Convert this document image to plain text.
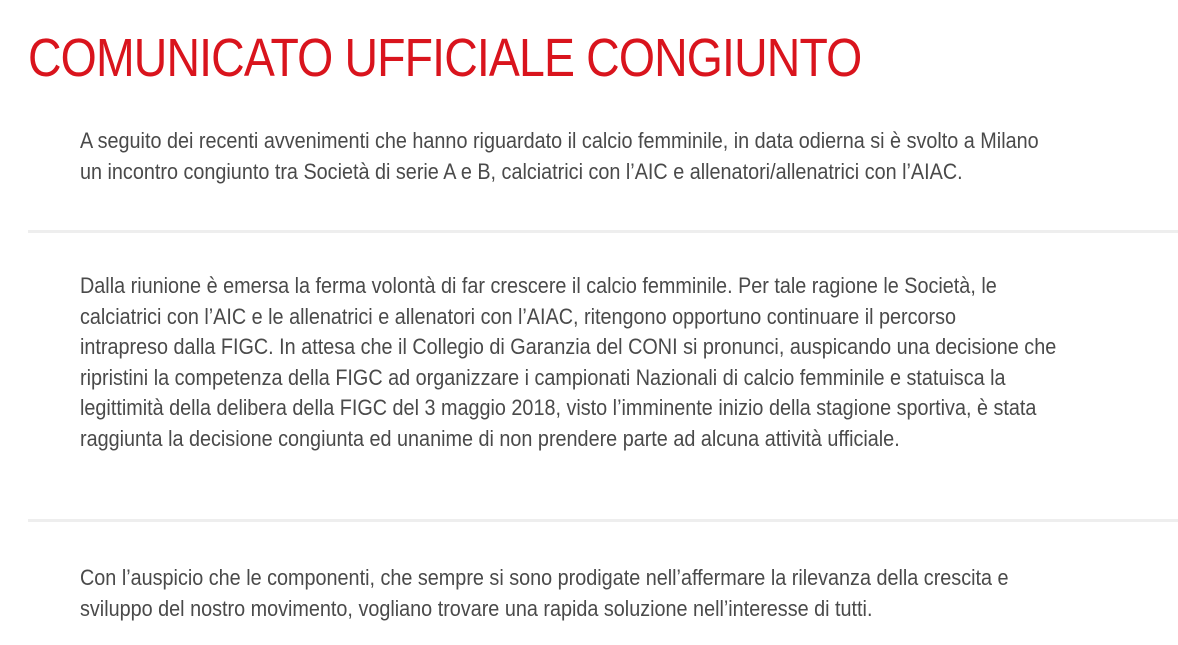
COMUNICATO UFFICIALE CONGIUNTO

A seguito dei recenti avvenimenti che hanno riguardato il calcio femminile, in data odierna si è svolto a Milano
un incontro congiunto tra Società di serie A e B, calciatrici con l’AIC e allenatori/allenatrici con l’AIAC.

Dalla riunione è emersa la ferma volontà di far crescere il calcio femminile. Per tale ragione le Società, le
calciatrici con l’AIC e le allenatrici e allenatori con l’AIAC, ritengono opportuno continuare il percorso
intrapreso dalla FIGC. In attesa che il Collegio di Garanzia del CONI si pronunci, auspicando una decisione che
ripristini la competenza della FIGC ad organizzare i campionati Nazionali di calcio femminile e statuisca la
legittimità della delibera della FIGC del 3 maggio 2018, visto l’imminente inizio della stagione sportiva, è stata
raggiunta la decisione congiunta ed unanime di non prendere parte ad alcuna attività ufficiale.

Con l’auspicio che le componenti, che sempre si sono prodigate nell’affermare la rilevanza della crescita e
sviluppo del nostro movimento, vogliano trovare una rapida soluzione nell’interesse di tutti.
